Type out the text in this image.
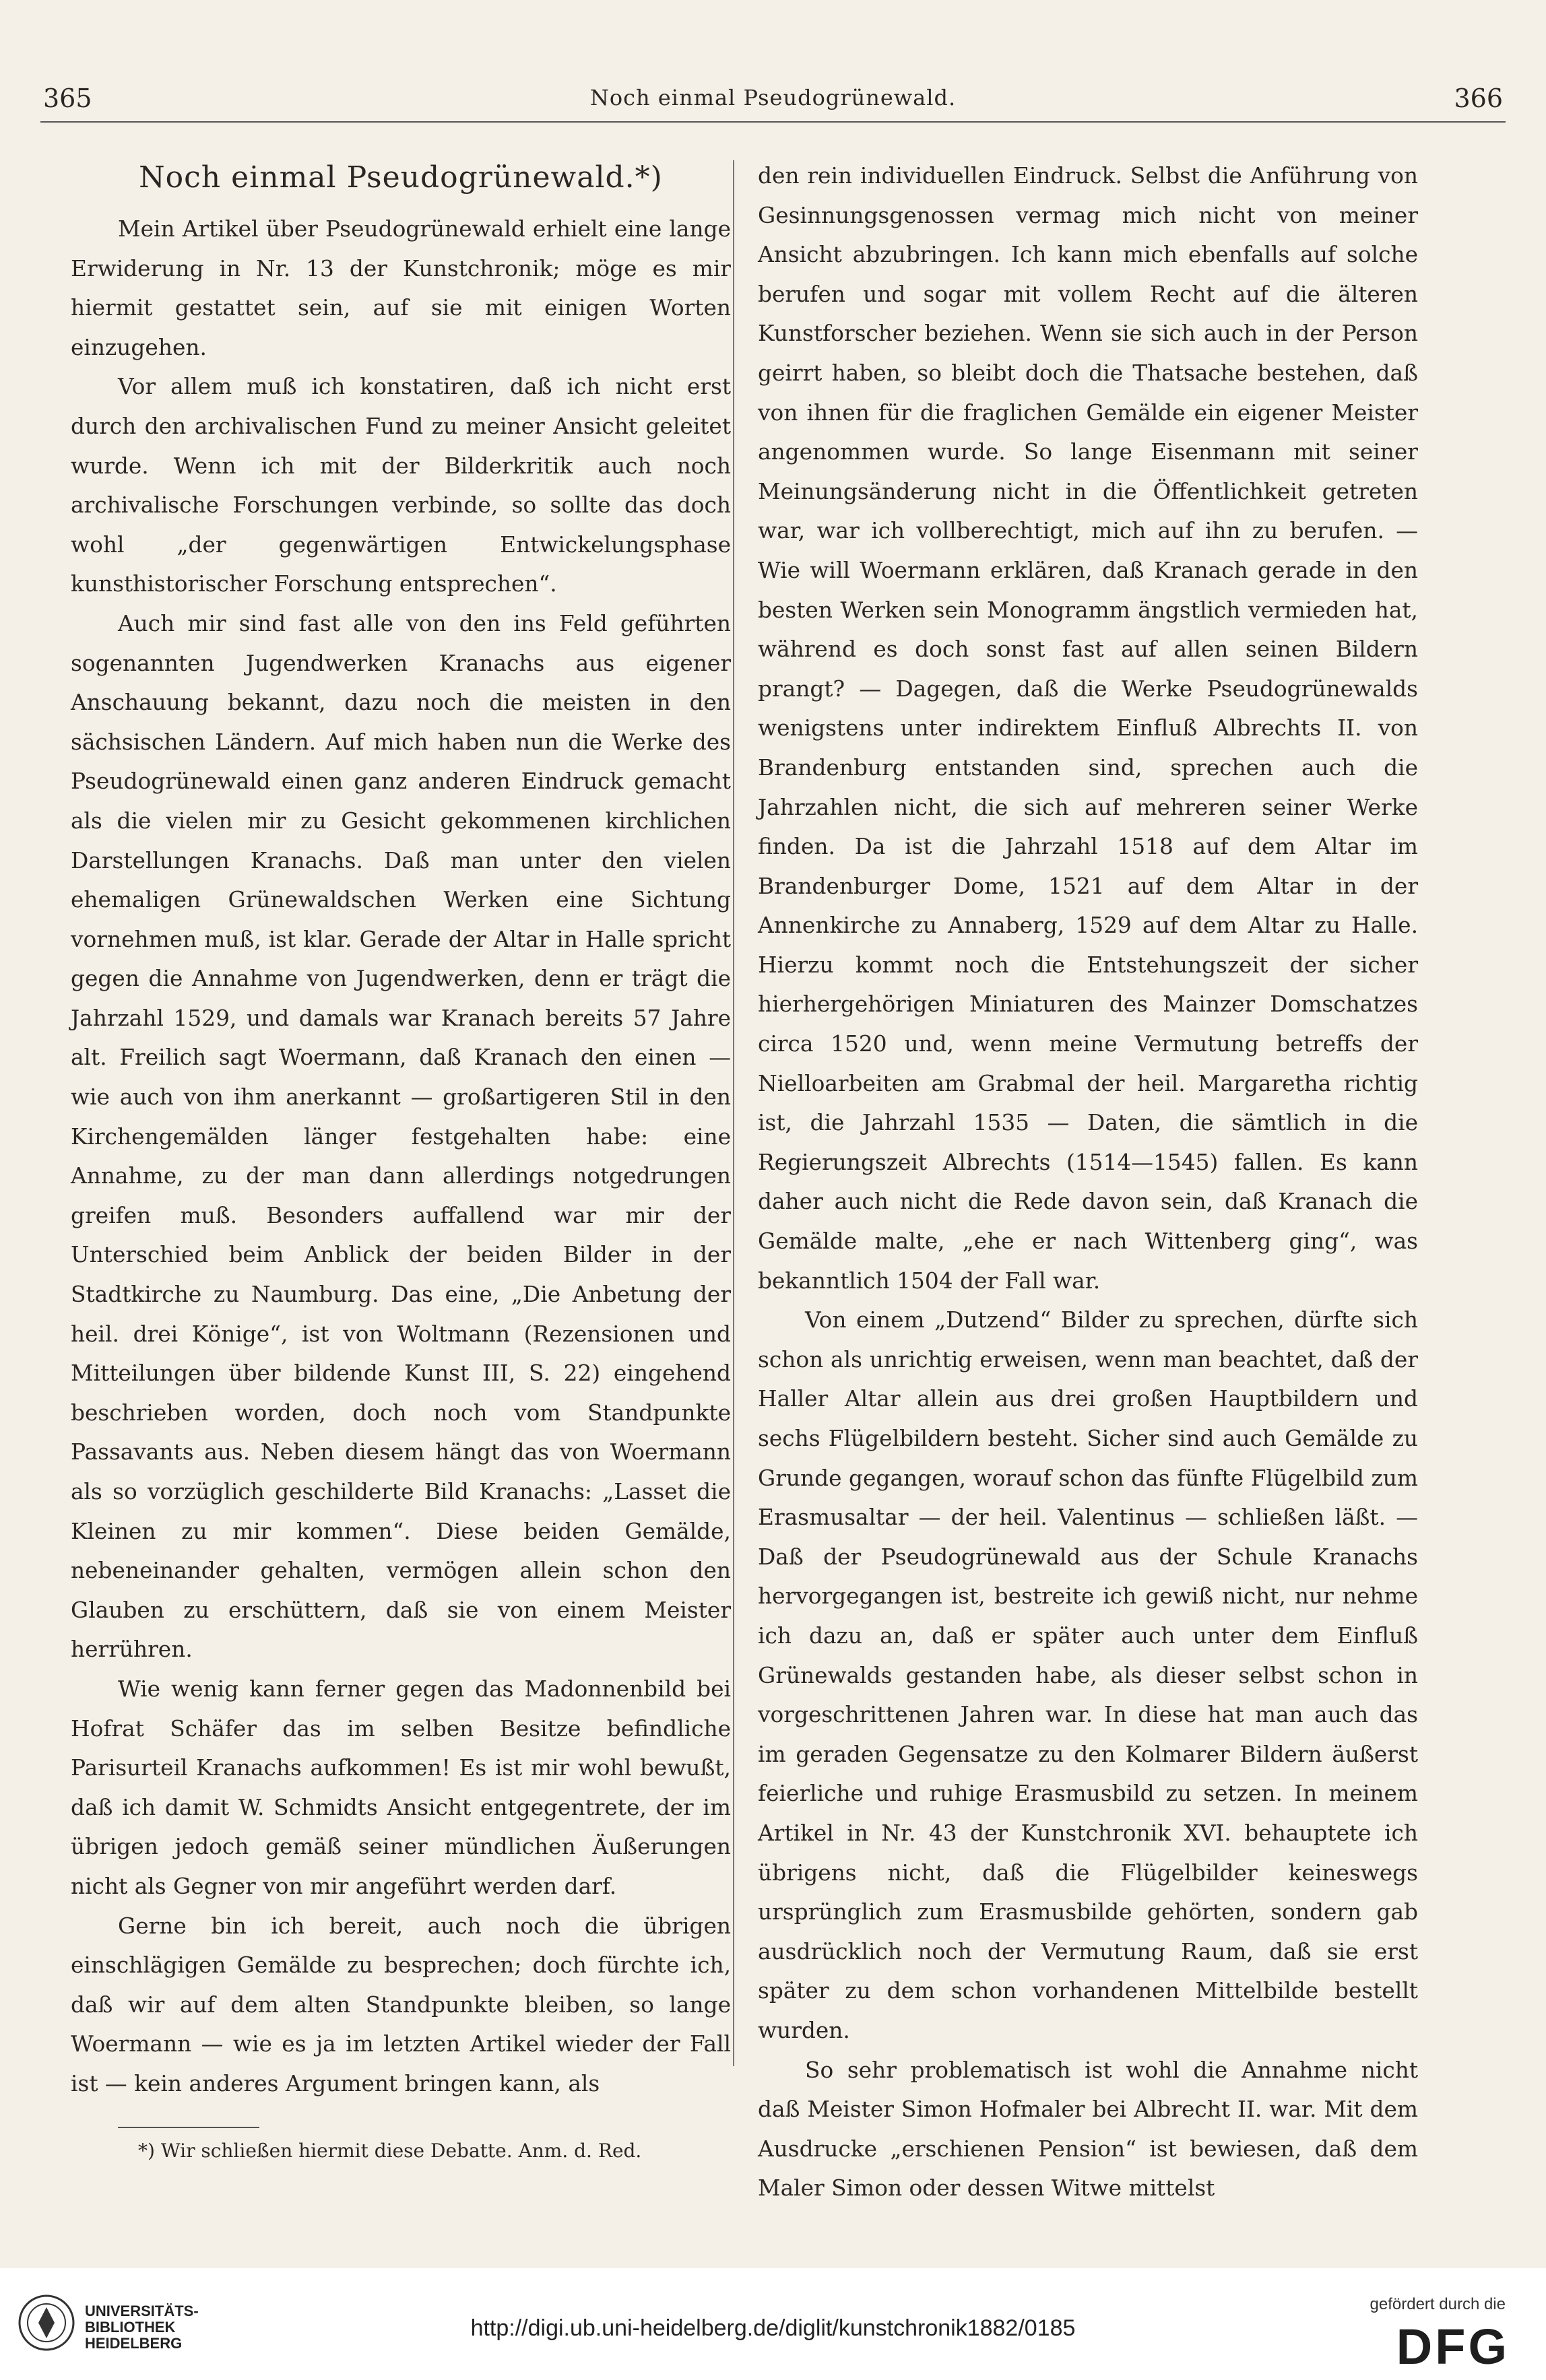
365	Noch einmal Pseudogrünewald.	366
Noch einmal Pseudogrünewald.*)

Mein Artikel über Pseudogrünewald erhielt eine lange Erwiderung in Nr. 13 der Kunstchronik; möge es mir hiermit gestattet sein, auf sie mit einigen Worten einzugehen.

Vor allem muß ich konstatiren, daß ich nicht erst durch den archivalischen Fund zu meiner Ansicht geleitet wurde. Wenn ich mit der Bilderkritik auch noch archivalische Forschungen verbinde, so sollte das doch wohl „der gegenwärtigen Entwickelungsphase kunsthistorischer Forschung entsprechen“.

Auch mir sind fast alle von den ins Feld geführten sogenannten Jugendwerken Kranachs aus eigener Anschauung bekannt, dazu noch die meisten in den sächsischen Ländern. Auf mich haben nun die Werke des Pseudogrünewald einen ganz anderen Eindruck gemacht als die vielen mir zu Gesicht gekommenen kirchlichen Darstellungen Kranachs. Daß man unter den vielen ehemaligen Grünewaldschen Werken eine Sichtung vornehmen muß, ist klar. Gerade der Altar in Halle spricht gegen die Annahme von Jugendwerken, denn er trägt die Jahrzahl 1529, und damals war Kranach bereits 57 Jahre alt. Freilich sagt Woermann, daß Kranach den einen — wie auch von ihm anerkannt — großartigeren Stil in den Kirchengemälden länger festgehalten habe: eine Annahme, zu der man dann allerdings notgedrungen greifen muß. Besonders auffallend war mir der Unterschied beim Anblick der beiden Bilder in der Stadtkirche zu Naumburg. Das eine, „Die Anbetung der heil. drei Könige“, ist von Woltmann (Rezensionen und Mitteilungen über bildende Kunst III, S. 22) eingehend beschrieben worden, doch noch vom Standpunkte Passavants aus. Neben diesem hängt das von Woermann als so vorzüglich geschilderte Bild Kranachs: „Lasset die Kleinen zu mir kommen“. Diese beiden Gemälde, nebeneinander gehalten, vermögen allein schon den Glauben zu erschüttern, daß sie von einem Meister herrühren.

Wie wenig kann ferner gegen das Madonnenbild bei Hofrat Schäfer das im selben Besitze befindliche Parisurteil Kranachs aufkommen! Es ist mir wohl bewußt, daß ich damit W. Schmidts Ansicht entgegentrete, der im übrigen jedoch gemäß seiner mündlichen Äußerungen nicht als Gegner von mir angeführt werden darf.

Gerne bin ich bereit, auch noch die übrigen einschlägigen Gemälde zu besprechen; doch fürchte ich, daß wir auf dem alten Standpunkte bleiben, so lange Woermann — wie es ja im letzten Artikel wieder der Fall ist — kein anderes Argument bringen kann, als

*) Wir schließen hiermit diese Debatte. Anm. d. Red.

den rein individuellen Eindruck. Selbst die Anführung von Gesinnungsgenossen vermag mich nicht von meiner Ansicht abzubringen. Ich kann mich ebenfalls auf solche berufen und sogar mit vollem Recht auf die älteren Kunstforscher beziehen. Wenn sie sich auch in der Person geirrt haben, so bleibt doch die Thatsache bestehen, daß von ihnen für die fraglichen Gemälde ein eigener Meister angenommen wurde. So lange Eisenmann mit seiner Meinungsänderung nicht in die Öffentlichkeit getreten war, war ich vollberechtigt, mich auf ihn zu berufen. — Wie will Woermann erklären, daß Kranach gerade in den besten Werken sein Monogramm ängstlich vermieden hat, während es doch sonst fast auf allen seinen Bildern prangt? — Dagegen, daß die Werke Pseudogrünewalds wenigstens unter indirektem Einfluß Albrechts II. von Brandenburg entstanden sind, sprechen auch die Jahrzahlen nicht, die sich auf mehreren seiner Werke finden. Da ist die Jahrzahl 1518 auf dem Altar im Brandenburger Dome, 1521 auf dem Altar in der Annenkirche zu Annaberg, 1529 auf dem Altar zu Halle. Hierzu kommt noch die Entstehungszeit der sicher hierhergehörigen Miniaturen des Mainzer Domschatzes circa 1520 und, wenn meine Vermutung betreffs der Nielloarbeiten am Grabmal der heil. Margaretha richtig ist, die Jahrzahl 1535 — Daten, die sämtlich in die Regierungszeit Albrechts (1514—1545) fallen. Es kann daher auch nicht die Rede davon sein, daß Kranach die Gemälde malte, „ehe er nach Wittenberg ging“, was bekanntlich 1504 der Fall war.

Von einem „Dutzend“ Bilder zu sprechen, dürfte sich schon als unrichtig erweisen, wenn man beachtet, daß der Haller Altar allein aus drei großen Hauptbildern und sechs Flügelbildern besteht. Sicher sind auch Gemälde zu Grunde gegangen, worauf schon das fünfte Flügelbild zum Erasmusaltar — der heil. Valentinus — schließen läßt. — Daß der Pseudogrünewald aus der Schule Kranachs hervorgegangen ist, bestreite ich gewiß nicht, nur nehme ich dazu an, daß er später auch unter dem Einfluß Grünewalds gestanden habe, als dieser selbst schon in vorgeschrittenen Jahren war. In diese hat man auch das im geraden Gegensatze zu den Kolmarer Bildern äußerst feierliche und ruhige Erasmusbild zu setzen. In meinem Artikel in Nr. 43 der Kunstchronik XVI. behauptete ich übrigens nicht, daß die Flügelbilder keineswegs ursprünglich zum Erasmusbilde gehörten, sondern gab ausdrücklich noch der Vermutung Raum, daß sie erst später zu dem schon vorhandenen Mittelbilde bestellt wurden.

So sehr problematisch ist wohl die Annahme nicht daß Meister Simon Hofmaler bei Albrecht II. war. Mit dem Ausdrucke „erschienen Pension“ ist bewiesen, daß dem Maler Simon oder dessen Witwe mittelst

UNIVERSITÄTS-
BIBLIOTHEK
HEIDELBERG
http://digi.ub.uni-heidelberg.de/diglit/kunstchronik1882/0185
gefördert durch die
DFG
